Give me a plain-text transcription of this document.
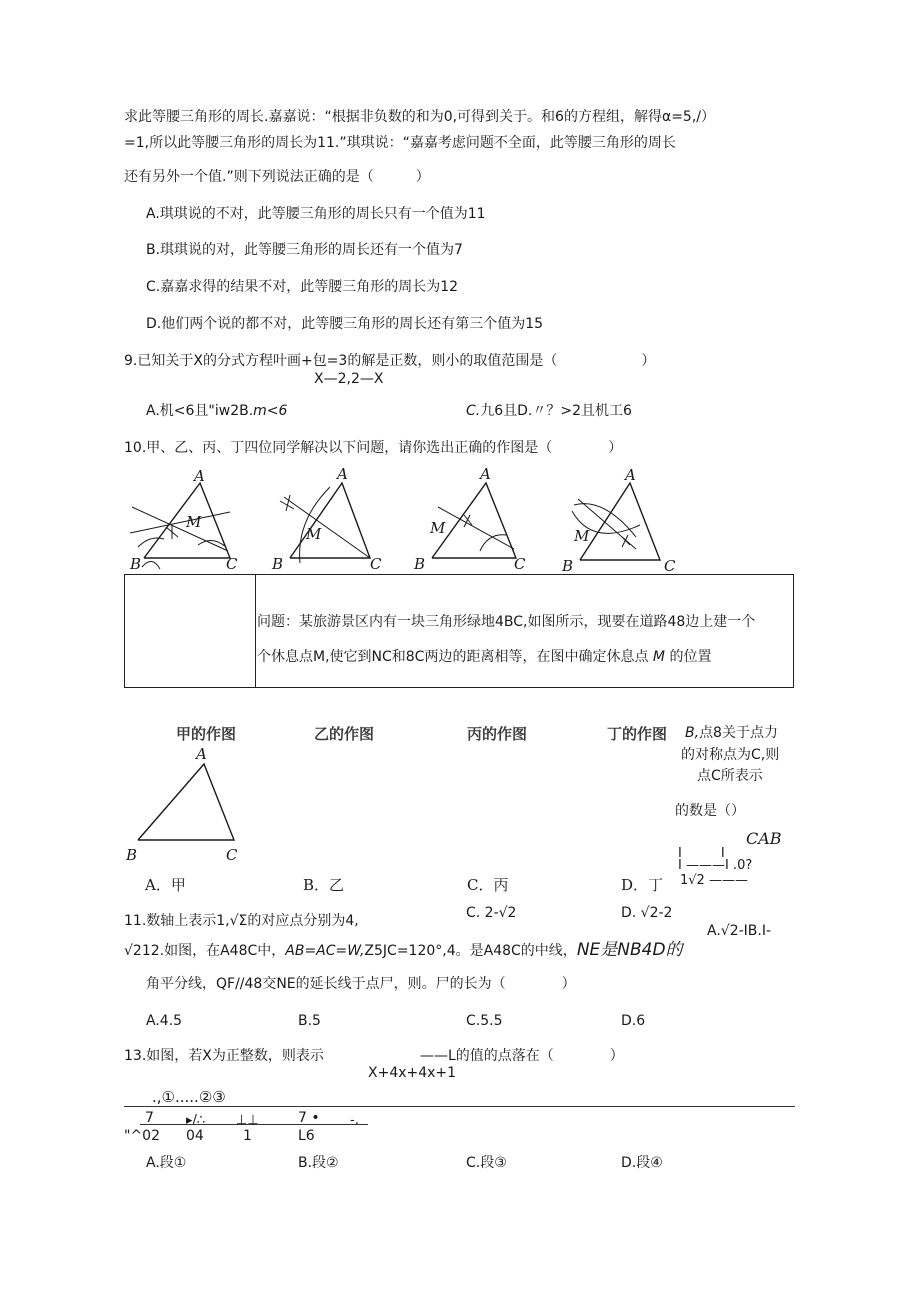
求此等腰三角形的周长.嘉嘉说：“根据非负数的和为0,可得到关于。和6的方程组，解得α=5,/）
=1,所以此等腰三角形的周长为11.”琪琪说：“嘉嘉考虑问题不全面，此等腰三角形的周长
还有另外一个值.”则下列说法正确的是（　　　）
A.琪琪说的不对，此等腰三角形的周长只有一个值为11
B.琪琪说的对，此等腰三角形的周长还有一个值为7
C.嘉嘉求得的结果不对，此等腰三角形的周长为12
D.他们两个说的都不对，此等腰三角形的周长还有第三个值为15
9.已知关于X的分式方程叶画+包=3的解是正数，则小的取值范围是（　　　　　　）
X—2,2—X
A.机<6且"iw2B.m<6	C.九6且D.〃？>2且机工6
10.甲、乙、丙、丁四位同学解决以下问题，请你选出正确的作图是（　　　　）
A
M
B	C
A
M
B	C
A
M
B	C
A
M
B	C
问题：某旅游景区内有一块三角形绿地4BC,如图所示，现要在道路48边上建一个
个休息点M,使它到NC和8C两边的距离相等，在图中确定休息点 M 的位置
甲的作图	乙的作图	丙的作图	丁的作图 B,点8关于点力
的对称点为C,则
点C所表示
的数是（）
A
B	C
CAB
I ———I .0?
1√2 ———
I　　　I
A．甲	B．乙	C．丙	D．丁
C. 2-√2	D. √2-2
11.数轴上表示1,√Σ的对应点分别为4,
A.√2-IB.I-
√212.如图，在A48C中，AB=AC=W,Z5JC=120°,4。是A48C的中线，NE是NB4D的
角平分线，QF//48交NE的延长线于点尸，则。尸的长为（　　　　）
A.4.5	B.5	C.5.5	D.6
13.如图，若X为正整数，则表示	——L的值的点落在（　　　　）
X+4x+4x+1
.,①.....②③
7 ▸/∴ ⊥⊥	7 • -.
"^02 04	1	L6
A.段①	B.段②	C.段③	D.段④
